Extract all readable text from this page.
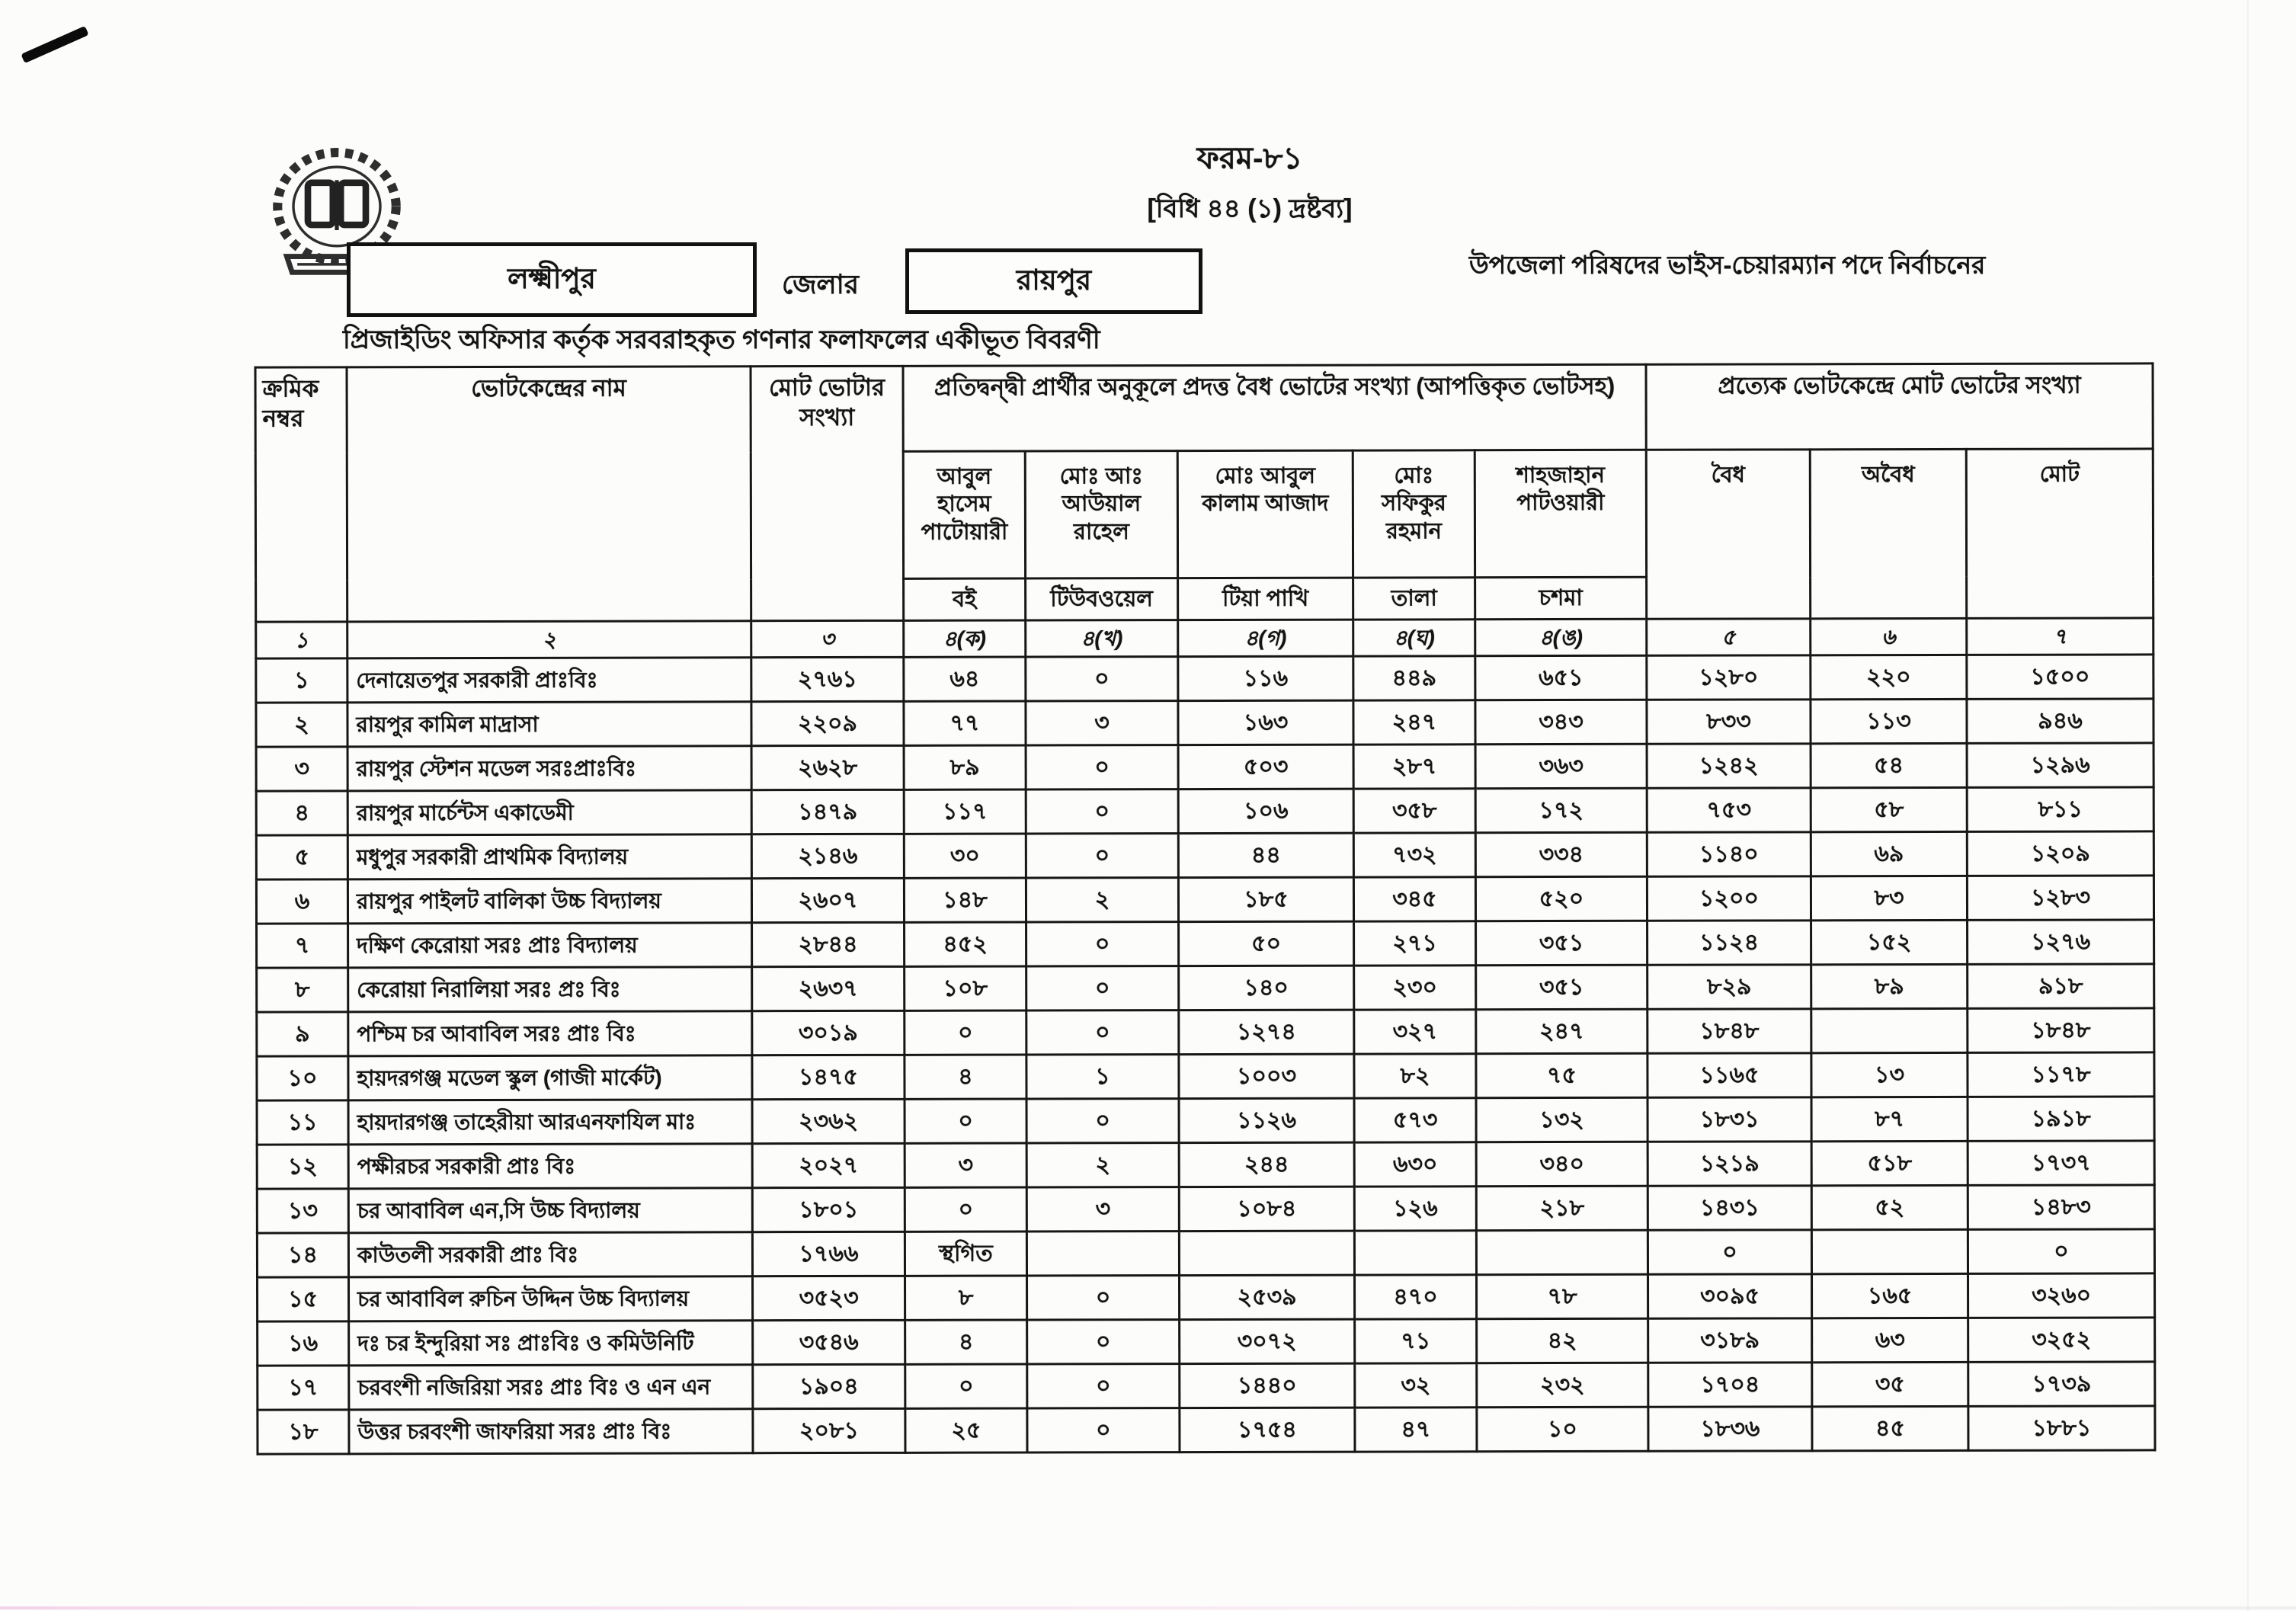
ফরম-৮১
[বিধি ৪৪ (১) দ্রষ্টব্য]
উপজেলা পরিষদের ভাইস-চেয়ারম্যান পদে নির্বাচনের
লক্ষ্মীপুর	জেলার	রায়পুর
প্রিজাইডিং অফিসার কর্তৃক সরবরাহকৃত গণনার ফলাফলের একীভূত বিবরণী
ক্রমিক নম্বর	ভোটকেন্দ্রের নাম	মোট ভোটার সংখ্যা	প্রতিদ্বন্দ্বী প্রার্থীর অনুকূলে প্রদত্ত বৈধ ভোটের সংখ্যা (আপত্তিকৃত ভোটসহ)					প্রত্যেক ভোটকেন্দ্রে মোট ভোটের সংখ্যা		
			আবুল হাসেম পাটোয়ারী	মোঃ আঃ আউয়াল রাহেল	মোঃ আবুল কালাম আজাদ	মোঃ সফিকুর রহমান	শাহজাহান পাটওয়ারী	বৈধ	অবৈধ	মোট
			বই	টিউবওয়েল	টিয়া পাখি	তালা	চশমা			
১	২	৩	৪(ক)	৪(খ)	৪(গ)	৪(ঘ)	৪(ঙ)	৫	৬	৭
১	দেনায়েতপুর সরকারী প্রাঃবিঃ	২৭৬১	৬৪	০	১১৬	৪৪৯	৬৫১	১২৮০	২২০	১৫০০
২	রায়পুর কামিল মাদ্রাসা	২২০৯	৭৭	৩	১৬৩	২৪৭	৩৪৩	৮৩৩	১১৩	৯৪৬
৩	রায়পুর স্টেশন মডেল সরঃপ্রাঃবিঃ	২৬২৮	৮৯	০	৫০৩	২৮৭	৩৬৩	১২৪২	৫৪	১২৯৬
৪	রায়পুর মার্চেন্টস একাডেমী	১৪৭৯	১১৭	০	১০৬	৩৫৮	১৭২	৭৫৩	৫৮	৮১১
৫	মধুপুর সরকারী প্রাথমিক বিদ্যালয়	২১৪৬	৩০	০	৪৪	৭৩২	৩৩৪	১১৪০	৬৯	১২০৯
৬	রায়পুর পাইলট বালিকা উচ্চ বিদ্যালয়	২৬০৭	১৪৮	২	১৮৫	৩৪৫	৫২০	১২০০	৮৩	১২৮৩
৭	দক্ষিণ কেরোয়া সরঃ প্রাঃ বিদ্যালয়	২৮৪৪	৪৫২	০	৫০	২৭১	৩৫১	১১২৪	১৫২	১২৭৬
৮	কেরোয়া নিরালিয়া সরঃ প্রঃ বিঃ	২৬৩৭	১০৮	০	১৪০	২৩০	৩৫১	৮২৯	৮৯	৯১৮
৯	পশ্চিম চর আবাবিল সরঃ প্রাঃ বিঃ	৩০১৯	০	০	১২৭৪	৩২৭	২৪৭	১৮৪৮		১৮৪৮
১০	হায়দরগঞ্জ মডেল স্কুল (গাজী মার্কেট)	১৪৭৫	৪	১	১০০৩	৮২	৭৫	১১৬৫	১৩	১১৭৮
১১	হায়দারগঞ্জ তাহেরীয়া আরএনফাযিল মাঃ	২৩৬২	০	০	১১২৬	৫৭৩	১৩২	১৮৩১	৮৭	১৯১৮
১২	পক্ষীরচর সরকারী প্রাঃ বিঃ	২০২৭	৩	২	২৪৪	৬৩০	৩৪০	১২১৯	৫১৮	১৭৩৭
১৩	চর আবাবিল এন,সি উচ্চ বিদ্যালয়	১৮০১	০	৩	১০৮৪	১২৬	২১৮	১৪৩১	৫২	১৪৮৩
১৪	কাউতলী সরকারী প্রাঃ বিঃ	১৭৬৬	স্থগিত					০		০
১৫	চর আবাবিল রুচিন উদ্দিন উচ্চ বিদ্যালয়	৩৫২৩	৮	০	২৫৩৯	৪৭০	৭৮	৩০৯৫	১৬৫	৩২৬০
১৬	দঃ চর ইন্দুরিয়া সঃ প্রাঃবিঃ ও কমিউনিটি	৩৫৪৬	৪	০	৩০৭২	৭১	৪২	৩১৮৯	৬৩	৩২৫২
১৭	চরবংশী নজিরিয়া সরঃ প্রাঃ বিঃ ও এন এন	১৯০৪	০	০	১৪৪০	৩২	২৩২	১৭০৪	৩৫	১৭৩৯
১৮	উত্তর চরবংশী জাফরিয়া সরঃ প্রাঃ বিঃ	২০৮১	২৫	০	১৭৫৪	৪৭	১০	১৮৩৬	৪৫	১৮৮১
